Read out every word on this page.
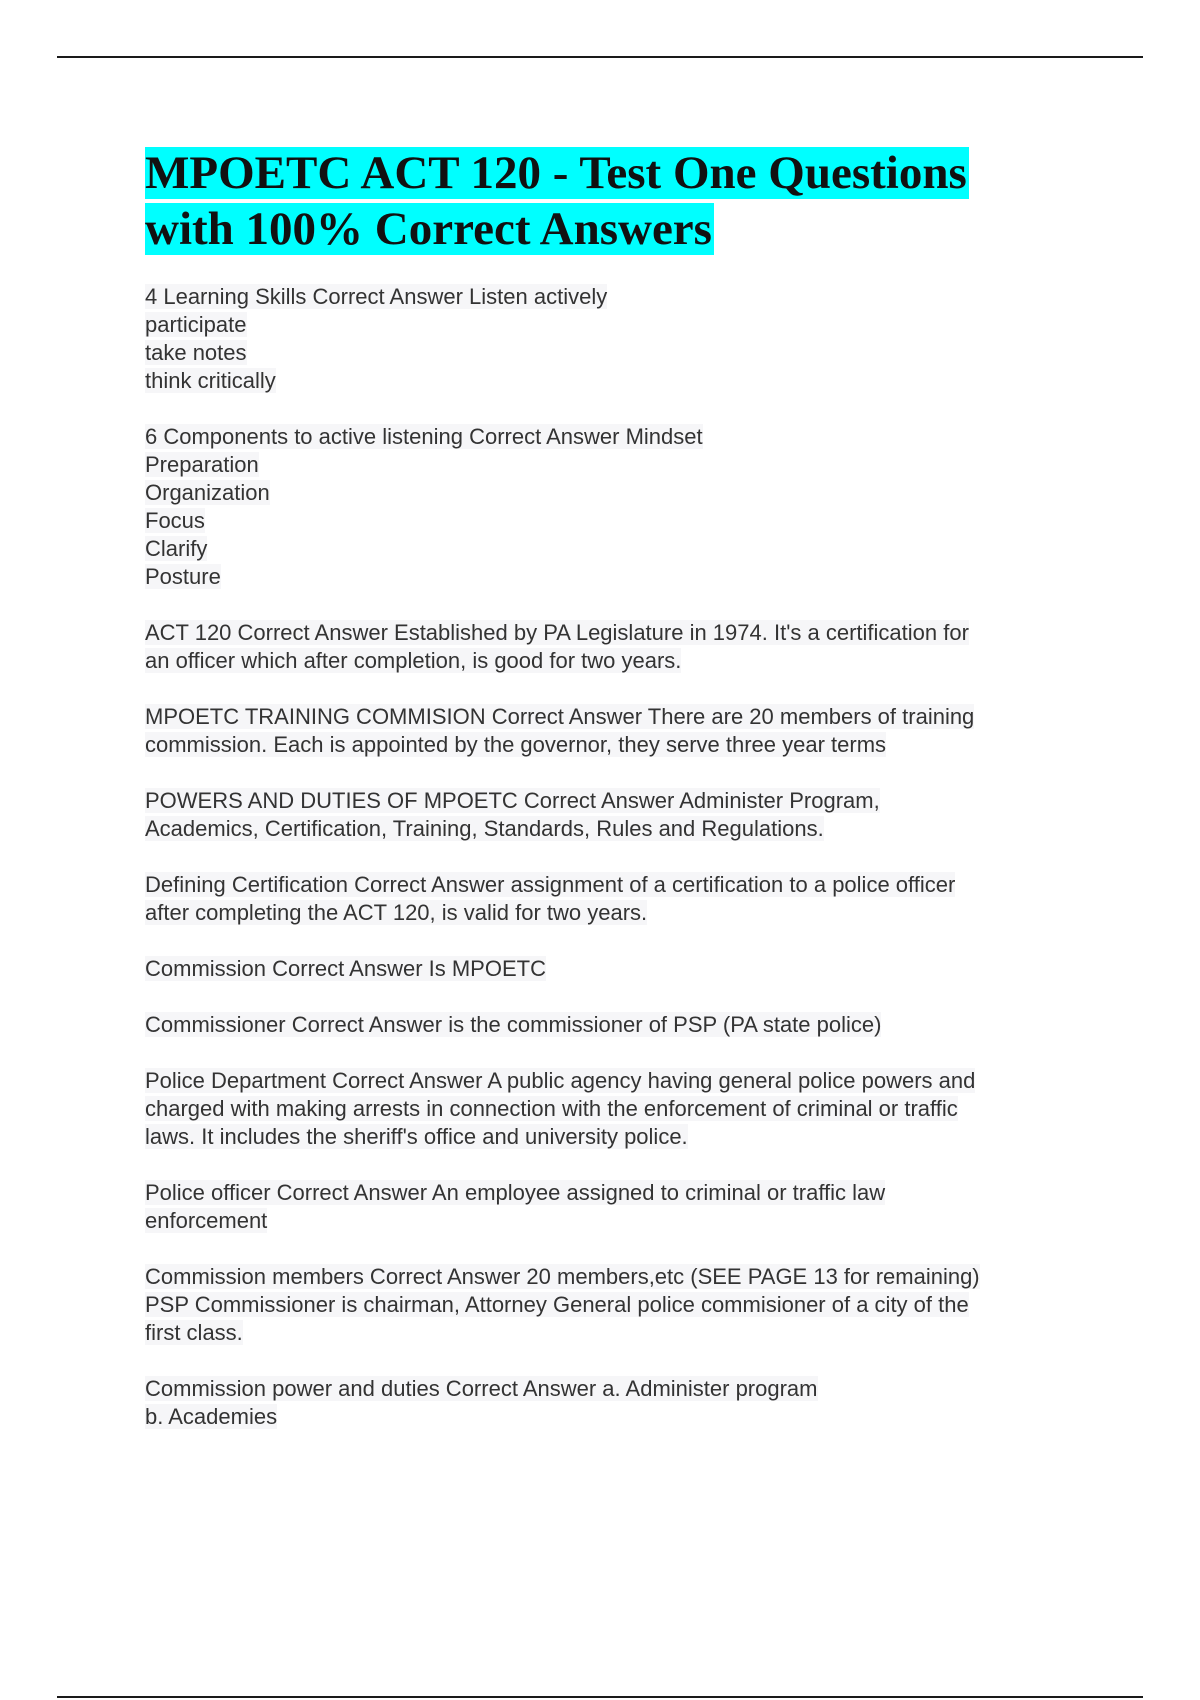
MPOETC ACT 120 - Test One Questions
with 100% Correct Answers
4 Learning Skills Correct Answer Listen actively
participate
take notes
think critically
6 Components to active listening Correct Answer Mindset
Preparation
Organization
Focus
Clarify
Posture
ACT 120 Correct Answer Established by PA Legislature in 1974. It's a certification for
an officer which after completion, is good for two years.
MPOETC TRAINING COMMISION Correct Answer There are 20 members of training
commission. Each is appointed by the governor, they serve three year terms
POWERS AND DUTIES OF MPOETC Correct Answer Administer Program,
Academics, Certification, Training, Standards, Rules and Regulations.
Defining Certification Correct Answer assignment of a certification to a police officer
after completing the ACT 120, is valid for two years.
Commission Correct Answer Is MPOETC
Commissioner Correct Answer is the commissioner of PSP (PA state police)
Police Department Correct Answer A public agency having general police powers and
charged with making arrests in connection with the enforcement of criminal or traffic
laws. It includes the sheriff's office and university police.
Police officer Correct Answer An employee assigned to criminal or traffic law
enforcement
Commission members Correct Answer 20 members,etc (SEE PAGE 13 for remaining)
PSP Commissioner is chairman, Attorney General police commisioner of a city of the
first class.
Commission power and duties Correct Answer a. Administer program
b. Academies
